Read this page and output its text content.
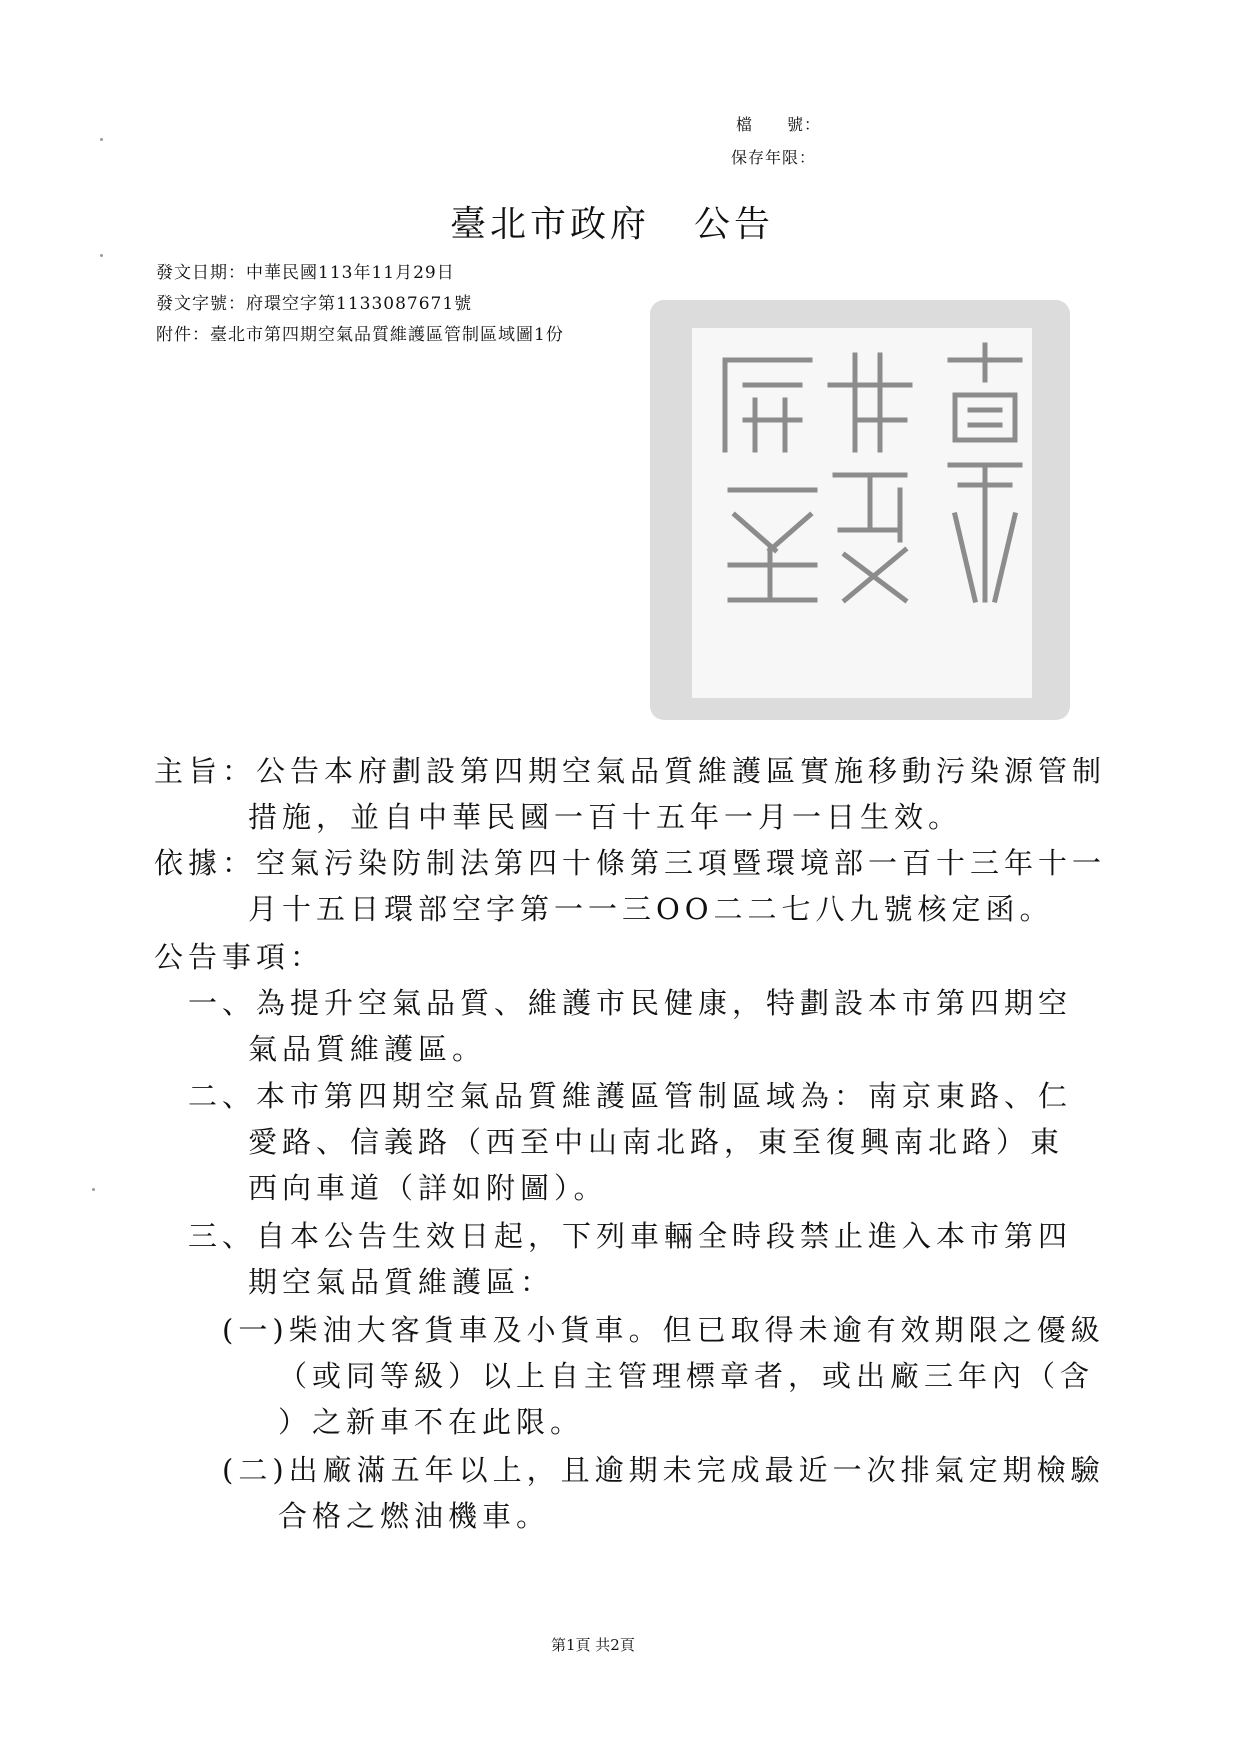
檔　　號：
保存年限：
臺北市政府 公告
發文日期：中華民國113年11月29日
發文字號：府環空字第1133087671號
附件：臺北市第四期空氣品質維護區管制區域圖1份
主旨：公告本府劃設第四期空氣品質維護區實施移動污染源管制
措施，並自中華民國一百十五年一月一日生效。
依據：空氣污染防制法第四十條第三項暨環境部一百十三年十一
月十五日環部空字第一一三OO二二七八九號核定函。
公告事項：
一、為提升空氣品質、維護市民健康，特劃設本市第四期空
氣品質維護區。
二、本市第四期空氣品質維護區管制區域為：南京東路、仁
愛路、信義路（西至中山南北路，東至復興南北路）東
西向車道（詳如附圖）。
三、自本公告生效日起，下列車輛全時段禁止進入本市第四
期空氣品質維護區：
(一)柴油大客貨車及小貨車。但已取得未逾有效期限之優級
（或同等級）以上自主管理標章者，或出廠三年內（含
）之新車不在此限。
(二)出廠滿五年以上，且逾期未完成最近一次排氣定期檢驗
合格之燃油機車。
第1頁 共2頁
